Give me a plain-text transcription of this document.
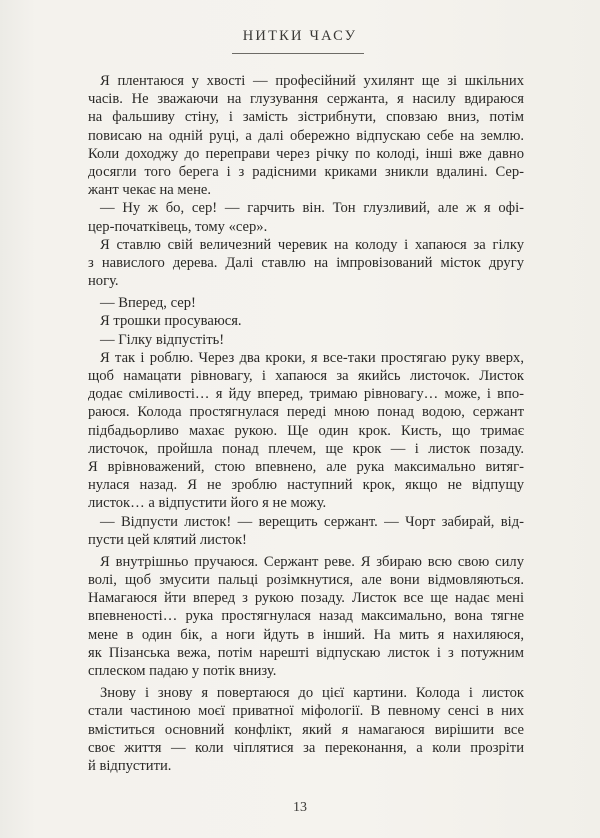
НИТКИ ЧАСУ
Я плентаюся у хвості — професійний ухилянт ще зі шкільних
часів. Не зважаючи на глузування сержанта, я насилу вдираюся
на фальшиву стіну, і замість зістрибнути, сповзаю вниз, потім
повисаю на одній руці, а далі обережно відпускаю себе на землю.
Коли доходжу до переправи через річку по колоді, інші вже давно
досягли того берега і з радісними криками зникли вдалині. Сер-
жант чекає на мене.
— Ну ж бо, сер! — гарчить він. Тон глузливий, але ж я офі-
цер-початківець, тому «сер».
Я ставлю свій величезний черевик на колоду і хапаюся за гілку
з навислого дерева. Далі ставлю на імпровізований місток другу
ногу.
— Вперед, сер!
Я трошки просуваюся.
— Гілку відпустіть!
Я так і роблю. Через два кроки, я все-таки простягаю руку вверх,
щоб намацати рівновагу, і хапаюся за якийсь листочок. Листок
додає сміливості… я йду вперед, тримаю рівновагу… може, і впо-
раюся. Колода простягнулася переді мною понад водою, сержант
підбадьорливо махає рукою. Ще один крок. Кисть, що тримає
листочок, пройшла понад плечем, ще крок — і листок позаду.
Я врівноважений, стою впевнено, але рука максимально витяг-
нулася назад. Я не зроблю наступний крок, якщо не відпущу
листок… а відпустити його я не можу.
— Відпусти листок! — верещить сержант. — Чорт забирай, від-
пусти цей клятий листок!
Я внутрішньо пручаюся. Сержант реве. Я збираю всю свою силу
волі, щоб змусити пальці розімкнутися, але вони відмовляються.
Намагаюся йти вперед з рукою позаду. Листок все ще надає мені
впевненості… рука простягнулася назад максимально, вона тягне
мене в один бік, а ноги йдуть в інший. На мить я нахиляюся,
як Пізанська вежа, потім нарешті відпускаю листок і з потужним
сплеском падаю у потік внизу.
Знову і знову я повертаюся до цієї картини. Колода і листок
стали частиною моєї приватної міфології. В певному сенсі в них
вміститься основний конфлікт, який я намагаюся вирішити все
своє життя — коли чіплятися за переконання, а коли прозріти
й відпустити.
13
